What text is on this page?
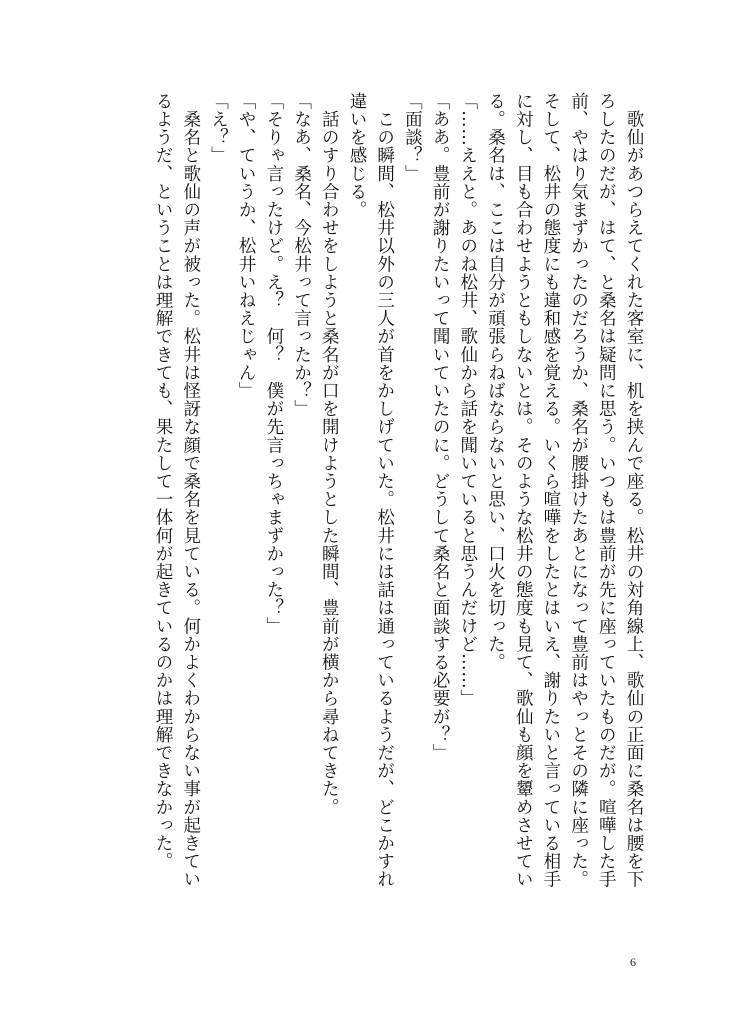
　歌仙があつらえてくれた客室に、机を挟んで座る。松井の対角線上、歌仙の正面に桑名は腰を下

ろしたのだが、はて、と桑名は疑問に思う。いつもは豊前が先に座っていたものだが。喧嘩した手

前、やはり気まずかったのだろうか、桑名が腰掛けたあとになって豊前はやっとその隣に座った。

そして、松井の態度にも違和感を覚える。いくら喧嘩をしたとはいえ、謝りたいと言っている相手

に対し、目も合わせようともしないとは。そのような松井の態度も見て、歌仙も顔を顰めさせてい

る。桑名は、ここは自分が頑張らねばならないと思い、口火を切った。

「……ええと。あのね松井、歌仙から話を聞いていると思うんだけど……」

「ああ。豊前が謝りたいって聞いていたのに。どうして桑名と面談する必要が？」

「面談？」

　この瞬間、松井以外の三人が首をかしげていた。松井には話は通っているようだが、どこかすれ

違いを感じる。

　話のすり合わせをしようと桑名が口を開けようとした瞬間、豊前が横から尋ねてきた。

「なあ、桑名、今松井って言ったか？」

「そりゃ言ったけど。え？　何？　僕が先言っちゃまずかった？」

「や、ていうか、松井いねえじゃん」

「え？」

　桑名と歌仙の声が被った。松井は怪訝な顔で桑名を見ている。何かよくわからない事が起きてい

るようだ、ということは理解できても、果たして一体何が起きているのかは理解できなかった。

6
